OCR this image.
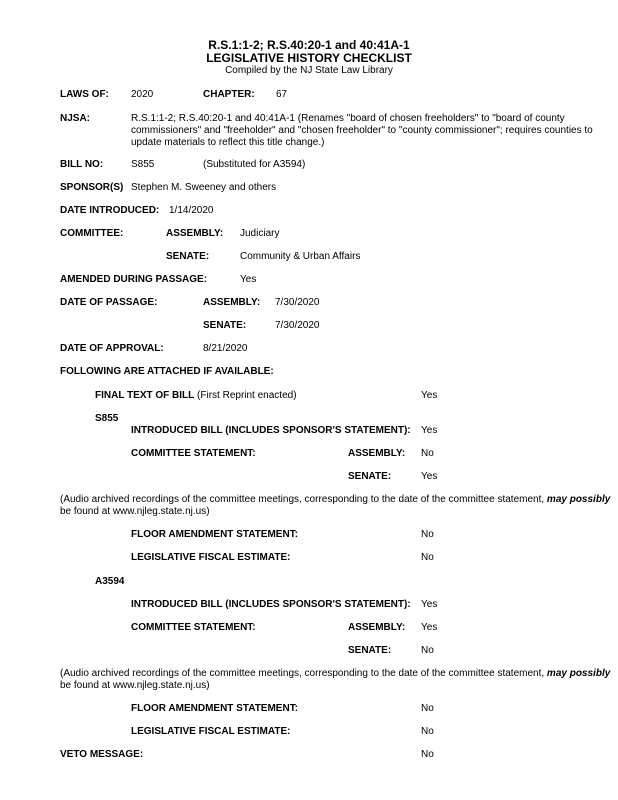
R.S.1:1-2; R.S.40:20-1 and 40:41A-1
LEGISLATIVE HISTORY CHECKLIST
Compiled by the NJ State Law Library
LAWS OF: 2020	CHAPTER: 67
NJSA:	R.S.1:1-2; R.S.40:20-1 and 40:41A-1 (Renames "board of chosen freeholders" to "board of county
commissioners" and "freeholder" and "chosen freeholder" to "county commissioner"; requires counties to
update materials to reflect this title change.)
BILL NO:	S855	(Substituted for A3594)
SPONSOR(S) Stephen M. Sweeney and others
DATE INTRODUCED: 1/14/2020
COMMITTEE:	ASSEMBLY: Judiciary
SENATE:	Community & Urban Affairs
AMENDED DURING PASSAGE:	Yes
DATE OF PASSAGE:	ASSEMBLY: 7/30/2020
SENATE:	7/30/2020
DATE OF APPROVAL:	8/21/2020
FOLLOWING ARE ATTACHED IF AVAILABLE:
FINAL TEXT OF BILL (First Reprint enacted)	Yes
S855
INTRODUCED BILL (INCLUDES SPONSOR'S STATEMENT): Yes
COMMITTEE STATEMENT:	ASSEMBLY: No
SENATE:	Yes
(Audio archived recordings of the committee meetings, corresponding to the date of the committee statement, may possibly
be found at www.njleg.state.nj.us)
FLOOR AMENDMENT STATEMENT:	No
LEGISLATIVE FISCAL ESTIMATE:	No
A3594
INTRODUCED BILL (INCLUDES SPONSOR'S STATEMENT): Yes
COMMITTEE STATEMENT:	ASSEMBLY: Yes
SENATE:	No
(Audio archived recordings of the committee meetings, corresponding to the date of the committee statement, may possibly
be found at www.njleg.state.nj.us)
FLOOR AMENDMENT STATEMENT:	No
LEGISLATIVE FISCAL ESTIMATE:	No
VETO MESSAGE:	No
